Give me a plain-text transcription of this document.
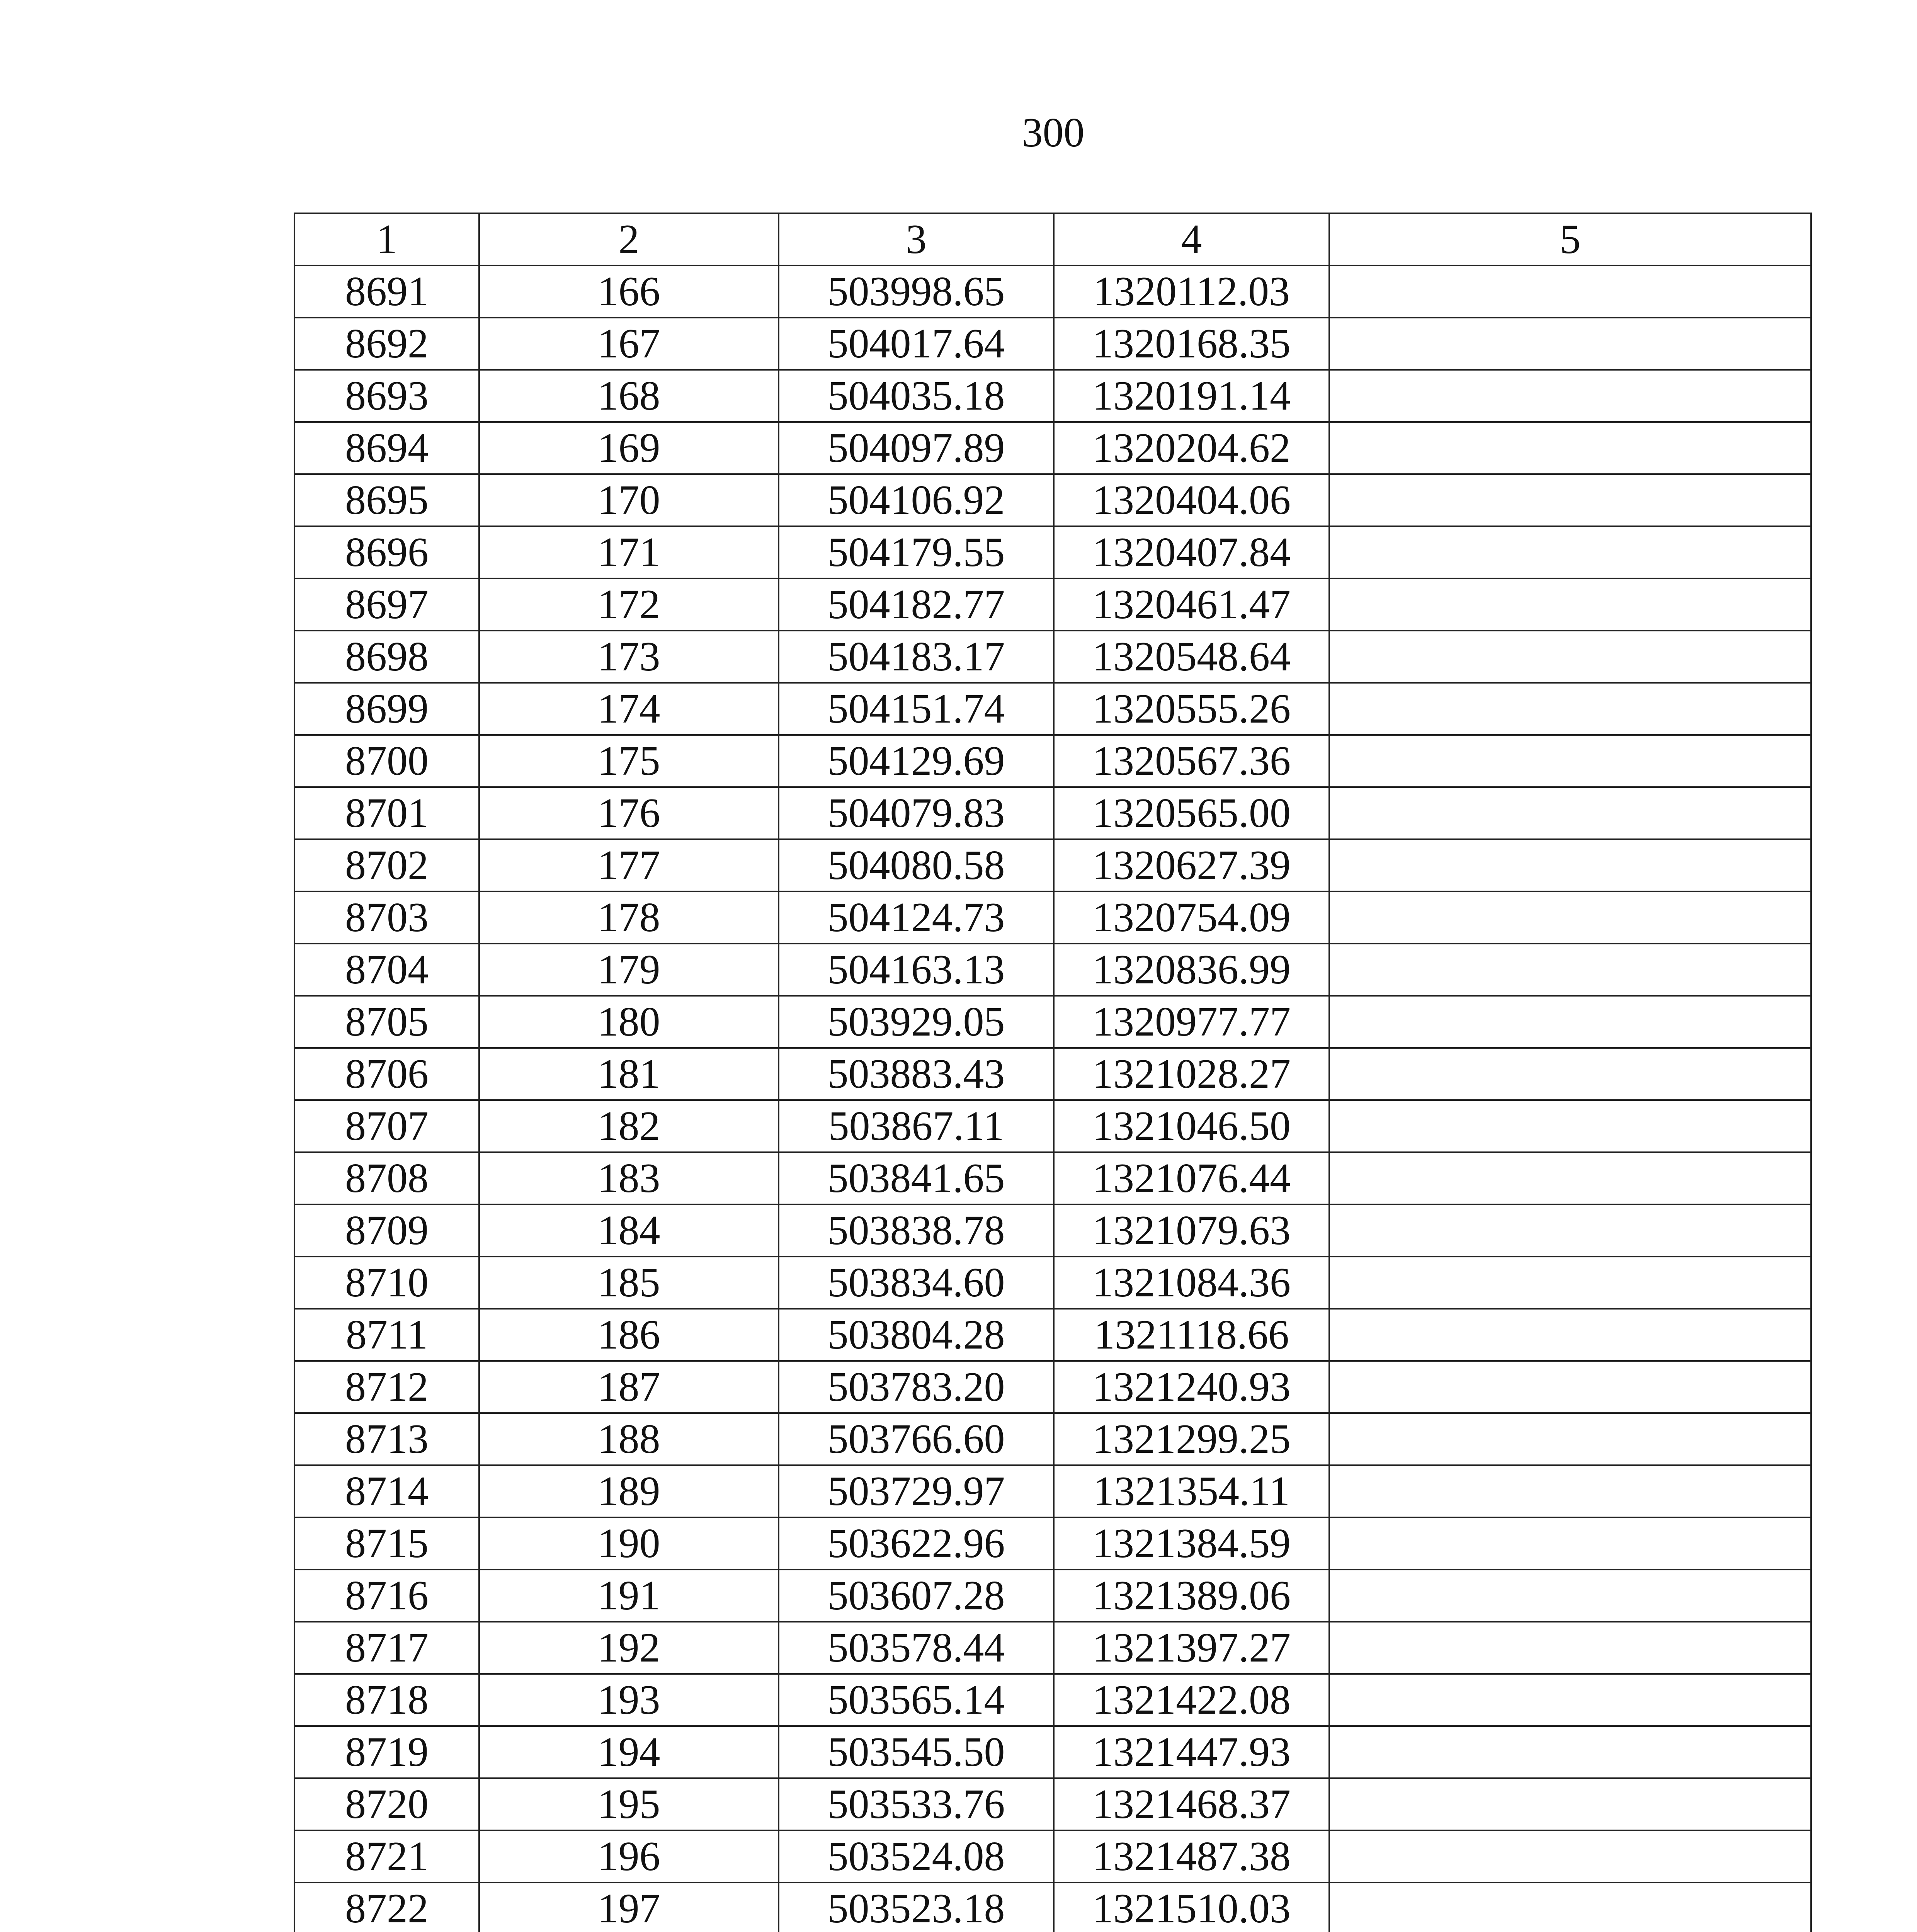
300
1	2	3	4	5
8691	166	503998.65	1320112.03	
8692	167	504017.64	1320168.35	
8693	168	504035.18	1320191.14	
8694	169	504097.89	1320204.62	
8695	170	504106.92	1320404.06	
8696	171	504179.55	1320407.84	
8697	172	504182.77	1320461.47	
8698	173	504183.17	1320548.64	
8699	174	504151.74	1320555.26	
8700	175	504129.69	1320567.36	
8701	176	504079.83	1320565.00	
8702	177	504080.58	1320627.39	
8703	178	504124.73	1320754.09	
8704	179	504163.13	1320836.99	
8705	180	503929.05	1320977.77	
8706	181	503883.43	1321028.27	
8707	182	503867.11	1321046.50	
8708	183	503841.65	1321076.44	
8709	184	503838.78	1321079.63	
8710	185	503834.60	1321084.36	
8711	186	503804.28	1321118.66	
8712	187	503783.20	1321240.93	
8713	188	503766.60	1321299.25	
8714	189	503729.97	1321354.11	
8715	190	503622.96	1321384.59	
8716	191	503607.28	1321389.06	
8717	192	503578.44	1321397.27	
8718	193	503565.14	1321422.08	
8719	194	503545.50	1321447.93	
8720	195	503533.76	1321468.37	
8721	196	503524.08	1321487.38	
8722	197	503523.18	1321510.03	
